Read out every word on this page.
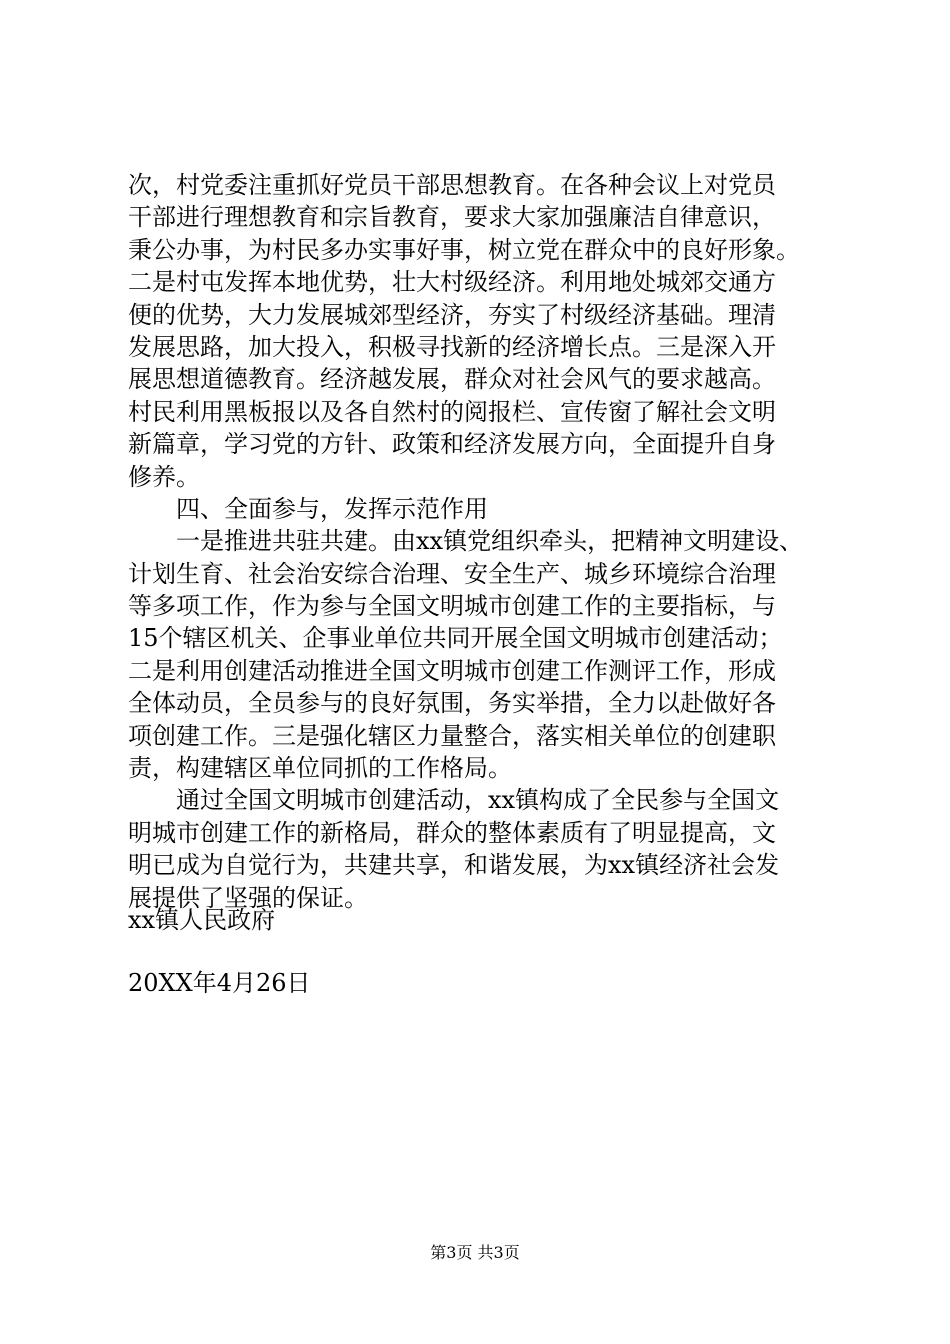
次，村党委注重抓好党员干部思想教育。在各种会议上对党员
干部进行理想教育和宗旨教育，要求大家加强廉洁自律意识，
秉公办事，为村民多办实事好事，树立党在群众中的良好形象。
二是村屯发挥本地优势，壮大村级经济。利用地处城郊交通方
便的优势，大力发展城郊型经济，夯实了村级经济基础。理清
发展思路，加大投入，积极寻找新的经济增长点。三是深入开
展思想道德教育。经济越发展，群众对社会风气的要求越高。
村民利用黑板报以及各自然村的阅报栏、宣传窗了解社会文明
新篇章，学习党的方针、政策和经济发展方向，全面提升自身
修养。

四、全面参与，发挥示范作用

一是推进共驻共建。由xx镇党组织牵头，把精神文明建设、
计划生育、社会治安综合治理、安全生产、城乡环境综合治理
等多项工作，作为参与全国文明城市创建工作的主要指标，与
15个辖区机关、企事业单位共同开展全国文明城市创建活动；
二是利用创建活动推进全国文明城市创建工作测评工作，形成
全体动员，全员参与的良好氛围，务实举措，全力以赴做好各
项创建工作。三是强化辖区力量整合，落实相关单位的创建职
责，构建辖区单位同抓的工作格局。

通过全国文明城市创建活动，xx镇构成了全民参与全国文
明城市创建工作的新格局，群众的整体素质有了明显提高，文
明已成为自觉行为，共建共享，和谐发展，为xx镇经济社会发
展提供了坚强的保证。

xx镇人民政府
20XX年4月26日
第3页 共3页
